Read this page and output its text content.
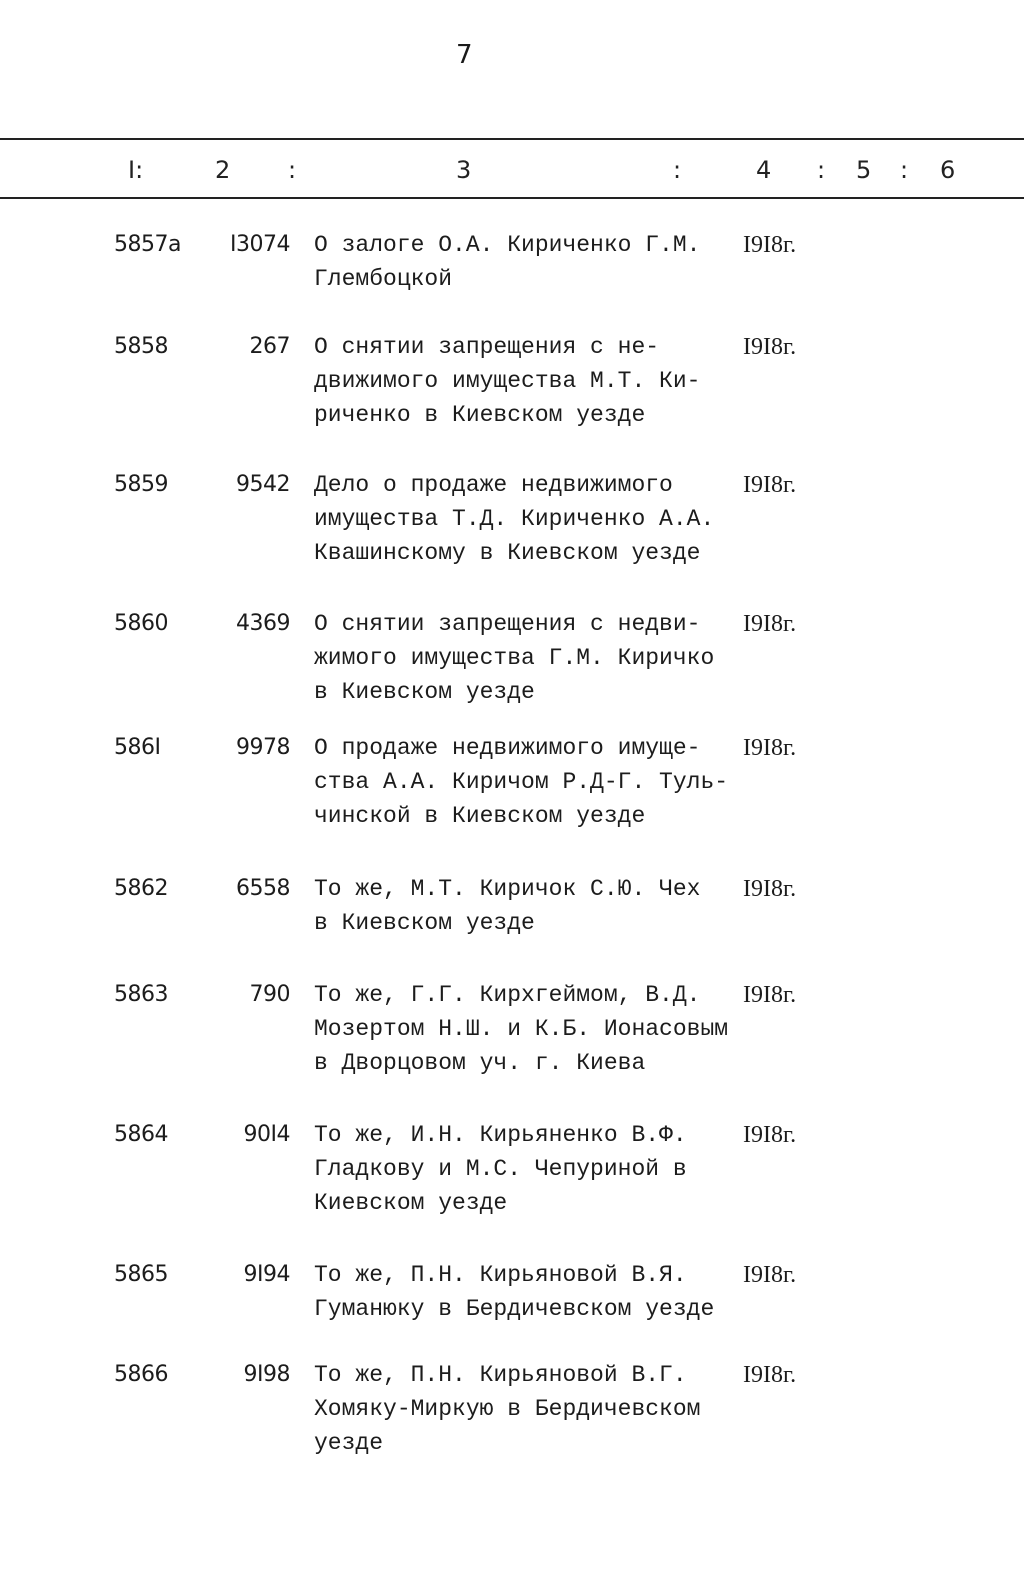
7
I:	2 :	3	:	4 : 5 : 6
5857а	I3074 О залоге О.А. Кириченко Г.М.
Глембоцкой
I9I8г.
5858	267 О снятии запрещения с не-
движимого имущества М.Т. Ки-
риченко в Киевском уезде
I9I8г.
5859	9542 Дело о продаже недвижимого
имущества Т.Д. Кириченко А.А.
Квашинскому в Киевском уезде
I9I8г.
5860	4369 О снятии запрещения с недви-
жимого имущества Г.М. Киричко
в Киевском уезде
I9I8г.
586I	9978 О продаже недвижимого имуще-
ства А.А. Киричом Р.Д-Г. Туль-
чинской в Киевском уезде
I9I8г.
5862	6558 То же, М.Т. Киричок С.Ю. Чех
в Киевском уезде
I9I8г.
5863	790 То же, Г.Г. Кирхгеймом, В.Д.
Мозертом Н.Ш. и К.Б. Ионасовым
в Дворцовом уч. г. Киева
I9I8г.
5864	90I4 То же, И.Н. Кирьяненко В.Ф.
Гладкову и М.С. Чепуриной в
Киевском уезде
I9I8г.
5865	9I94 То же, П.Н. Кирьяновой В.Я.
Гуманюку в Бердичевском уезде
I9I8г.
5866	9I98 То же, П.Н. Кирьяновой В.Г.
Хомяку-Миркую в Бердичевском
уезде
I9I8г.
